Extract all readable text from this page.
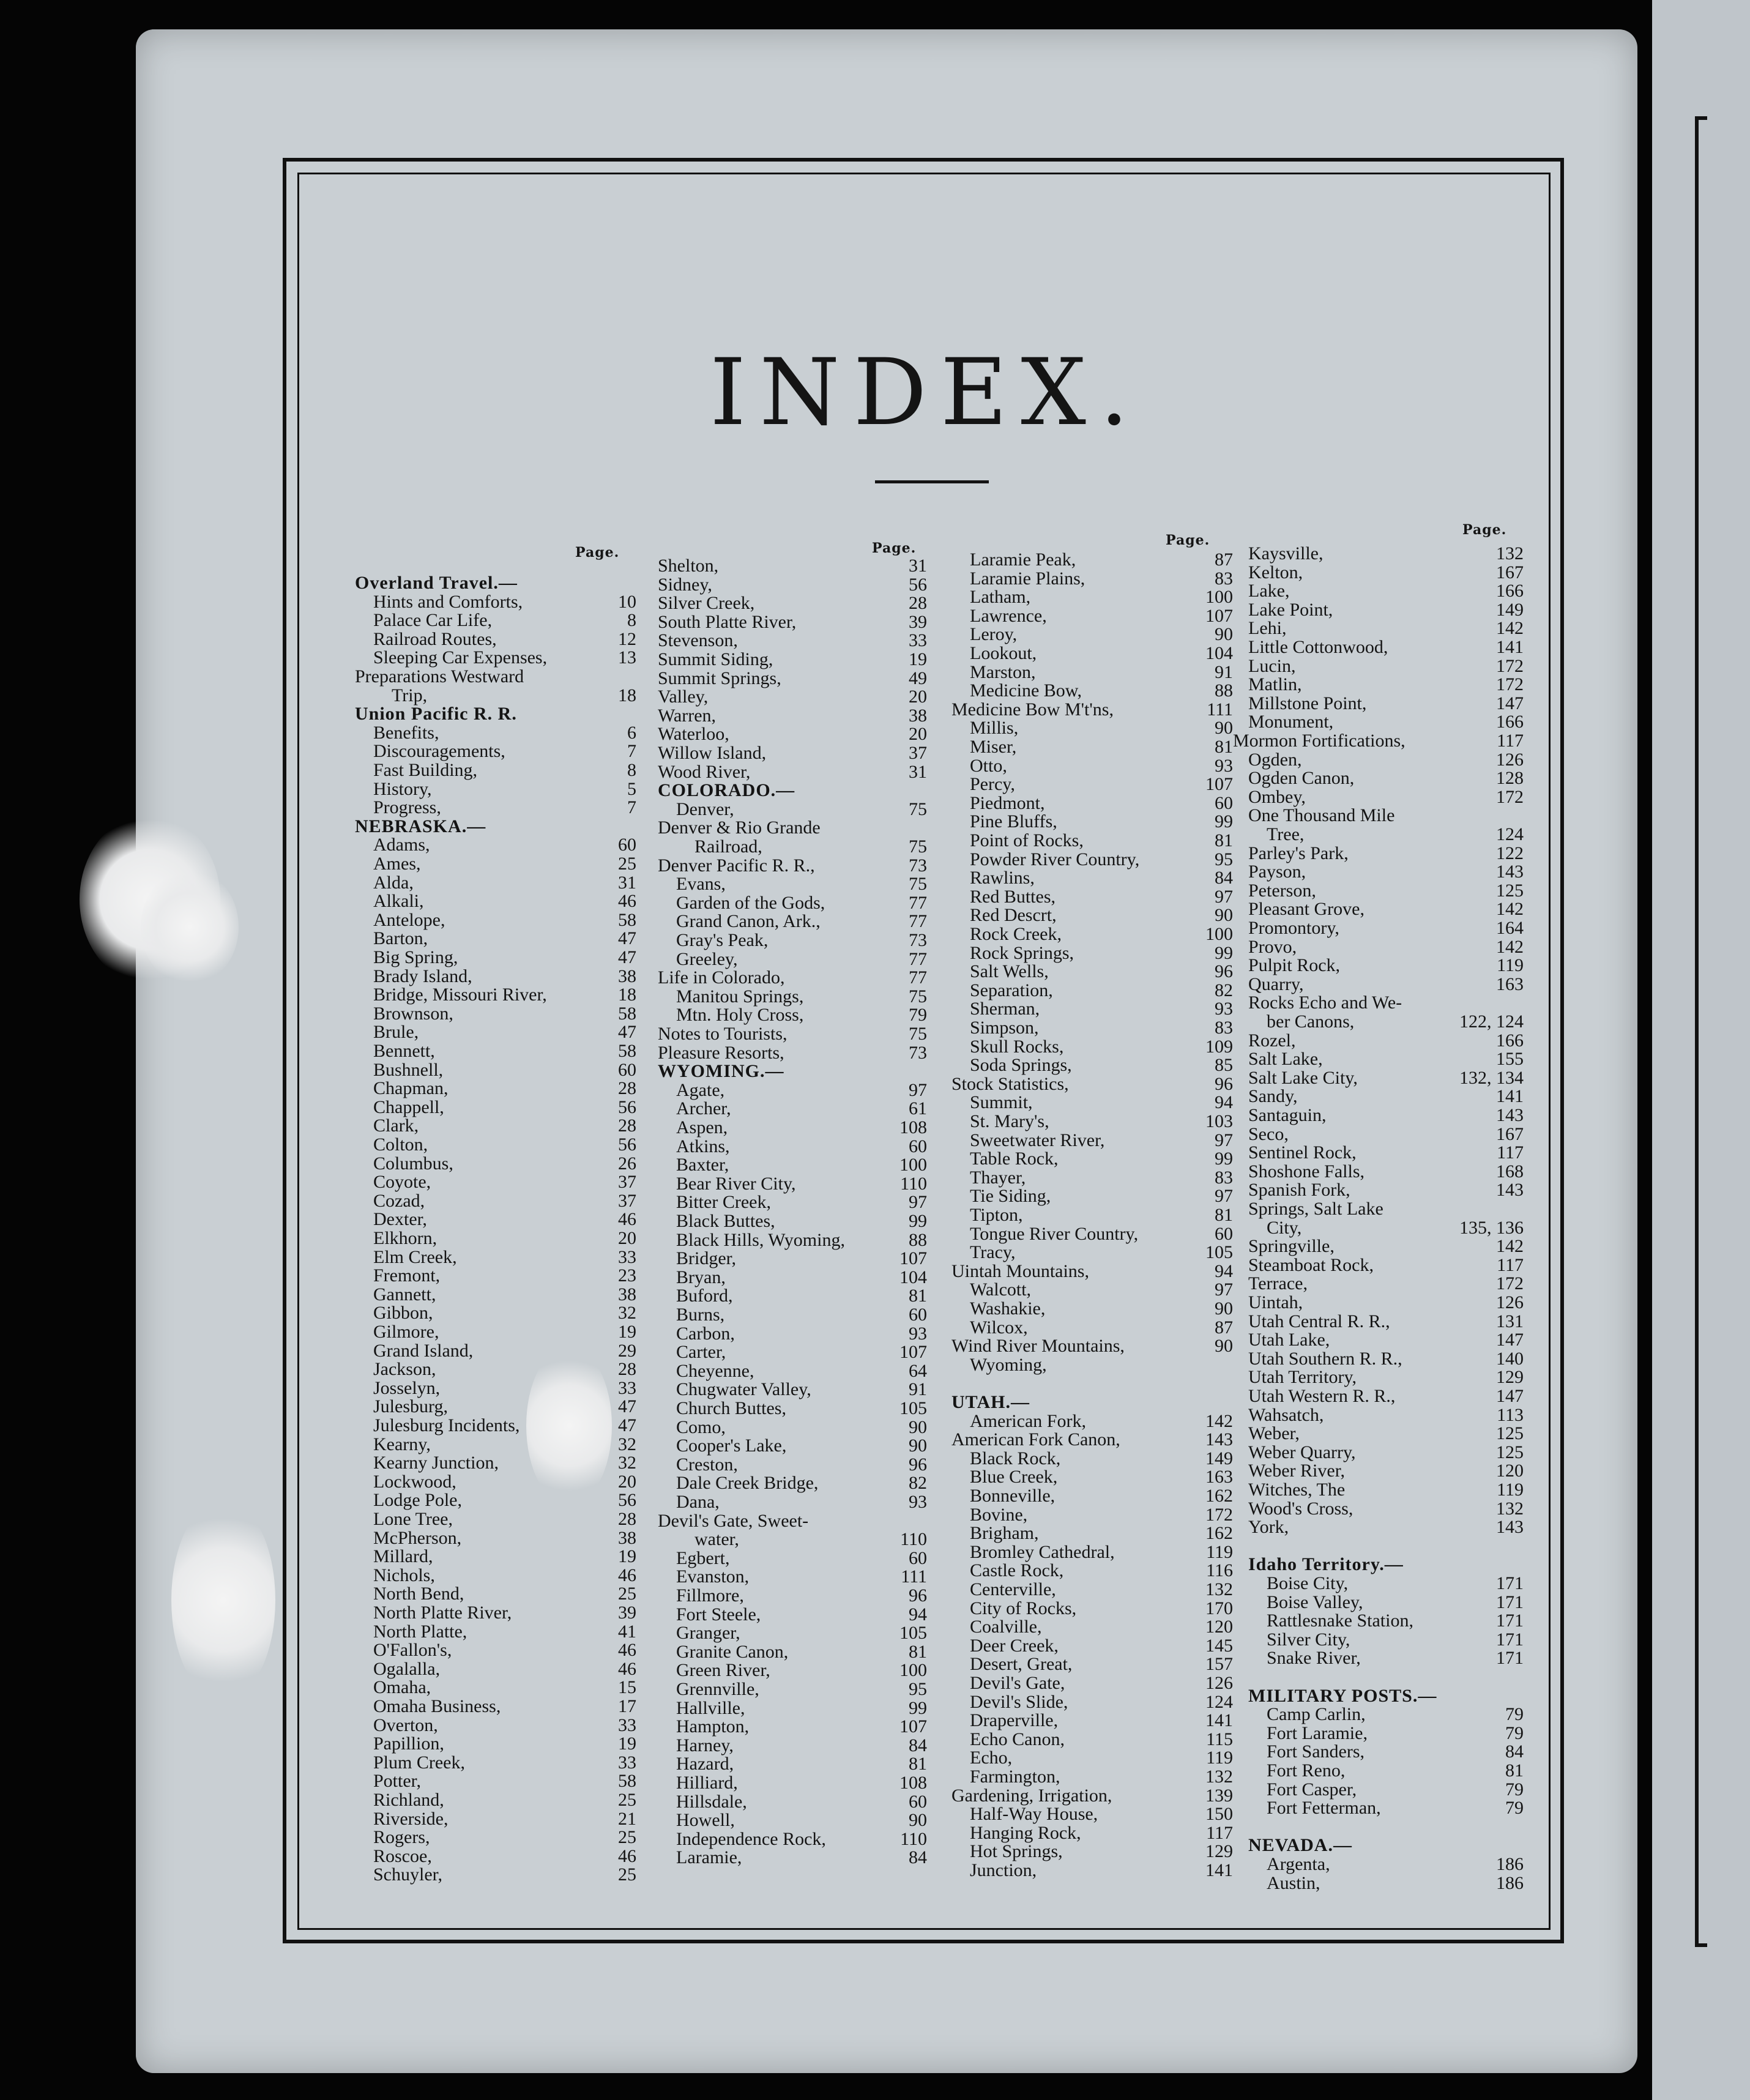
INDEX.
Page.
Overland Travel.—
Hints and Comforts,	10
Palace Car Life,	8
Railroad Routes,	12
Sleeping Car Expenses,	13
Preparations Westward
Trip,	18
Union Pacific R. R.
Benefits,	6
Discouragements,	7
Fast Building,	8
History,	5
Progress,	7
NEBRASKA.—
Adams,	60
Ames,	25
Alda,	31
Alkali,	46
Antelope,	58
Barton,	47
Big Spring,	47
Brady Island,	38
Bridge, Missouri River,	18
Brownson,	58
Brule,	47
Bennett,	58
Bushnell,	60
Chapman,	28
Chappell,	56
Clark,	28
Colton,	56
Columbus,	26
Coyote,	37
Cozad,	37
Dexter,	46
Elkhorn,	20
Elm Creek,	33
Fremont,	23
Gannett,	38
Gibbon,	32
Gilmore,	19
Grand Island,	29
Jackson,	28
Josselyn,	33
Julesburg,	47
Julesburg Incidents,	47
Kearny,	32
Kearny Junction,	32
Lockwood,	20
Lodge Pole,	56
Lone Tree,	28
McPherson,	38
Millard,	19
Nichols,	46
North Bend,	25
North Platte River,	39
North Platte,	41
O'Fallon's,	46
Ogalalla,	46
Omaha,	15
Omaha Business,	17
Overton,	33
Papillion,	19
Plum Creek,	33
Potter,	58
Richland,	25
Riverside,	21
Rogers,	25
Roscoe,	46
Schuyler,	25
Page.
Shelton,	31
Sidney,	56
Silver Creek,	28
South Platte River,	39
Stevenson,	33
Summit Siding,	19
Summit Springs,	49
Valley,	20
Warren,	38
Waterloo,	20
Willow Island,	37
Wood River,	31
COLORADO.—
Denver,	75
Denver & Rio Grande
Railroad,	75
Denver Pacific R. R.,	73
Evans,	75
Garden of the Gods,	77
Grand Canon, Ark.,	77
Gray's Peak,	73
Greeley,	77
Life in Colorado,	77
Manitou Springs,	75
Mtn. Holy Cross,	79
Notes to Tourists,	75
Pleasure Resorts,	73
WYOMING.—
Agate,	97
Archer,	61
Aspen,	108
Atkins,	60
Baxter,	100
Bear River City,	110
Bitter Creek,	97
Black Buttes,	99
Black Hills, Wyoming,	88
Bridger,	107
Bryan,	104
Buford,	81
Burns,	60
Carbon,	93
Carter,	107
Cheyenne,	64
Chugwater Valley,	91
Church Buttes,	105
Como,	90
Cooper's Lake,	90
Creston,	96
Dale Creek Bridge,	82
Dana,	93
Devil's Gate, Sweet-
water,	110
Egbert,	60
Evanston,	111
Fillmore,	96
Fort Steele,	94
Granger,	105
Granite Canon,	81
Green River,	100
Grennville,	95
Hallville,	99
Hampton,	107
Harney,	84
Hazard,	81
Hilliard,	108
Hillsdale,	60
Howell,	90
Independence Rock,	110
Laramie,	84
Page.
Laramie Peak,	87
Laramie Plains,	83
Latham,	100
Lawrence,	107
Leroy,	90
Lookout,	104
Marston,	91
Medicine Bow,	88
Medicine Bow M't'ns,	111
Millis,	90
Miser,	81
Otto,	93
Percy,	107
Piedmont,	60
Pine Bluffs,	99
Point of Rocks,	81
Powder River Country,	95
Rawlins,	84
Red Buttes,	97
Red Descrt,	90
Rock Creek,	100
Rock Springs,	99
Salt Wells,	96
Separation,	82
Sherman,	93
Simpson,	83
Skull Rocks,	109
Soda Springs,	85
Stock Statistics,	96
Summit,	94
St. Mary's,	103
Sweetwater River,	97
Table Rock,	99
Thayer,	83
Tie Siding,	97
Tipton,	81
Tongue River Country,	60
Tracy,	105
Uintah Mountains,	94
Walcott,	97
Washakie,	90
Wilcox,	87
Wind River Mountains,	90
Wyoming,
UTAH.—
American Fork,	142
American Fork Canon,	143
Black Rock,	149
Blue Creek,	163
Bonneville,	162
Bovine,	172
Brigham,	162
Bromley Cathedral,	119
Castle Rock,	116
Centerville,	132
City of Rocks,	170
Coalville,	120
Deer Creek,	145
Desert, Great,	157
Devil's Gate,	126
Devil's Slide,	124
Draperville,	141
Echo Canon,	115
Echo,	119
Farmington,	132
Gardening, Irrigation,	139
Half-Way House,	150
Hanging Rock,	117
Hot Springs,	129
Junction,	141
Page.
Kaysville,	132
Kelton,	167
Lake,	166
Lake Point,	149
Lehi,	142
Little Cottonwood,	141
Lucin,	172
Matlin,	172
Millstone Point,	147
Monument,	166
Mormon Fortifications,	117
Ogden,	126
Ogden Canon,	128
Ombey,	172
One Thousand Mile
Tree,	124
Parley's Park,	122
Payson,	143
Peterson,	125
Pleasant Grove,	142
Promontory,	164
Provo,	142
Pulpit Rock,	119
Quarry,	163
Rocks Echo and We-
ber Canons,	122, 124
Rozel,	166
Salt Lake,	155
Salt Lake City,	132, 134
Sandy,	141
Santaguin,	143
Seco,	167
Sentinel Rock,	117
Shoshone Falls,	168
Spanish Fork,	143
Springs, Salt Lake
City,	135, 136
Springville,	142
Steamboat Rock,	117
Terrace,	172
Uintah,	126
Utah Central R. R.,	131
Utah Lake,	147
Utah Southern R. R.,	140
Utah Territory,	129
Utah Western R. R.,	147
Wahsatch,	113
Weber,	125
Weber Quarry,	125
Weber River,	120
Witches, The	119
Wood's Cross,	132
York,	143
Idaho Territory.—
Boise City,	171
Boise Valley,	171
Rattlesnake Station,	171
Silver City,	171
Snake River,	171
MILITARY POSTS.—
Camp Carlin,	79
Fort Laramie,	79
Fort Sanders,	84
Fort Reno,	81
Fort Casper,	79
Fort Fetterman,	79
NEVADA.—
Argenta,	186
Austin,	186
